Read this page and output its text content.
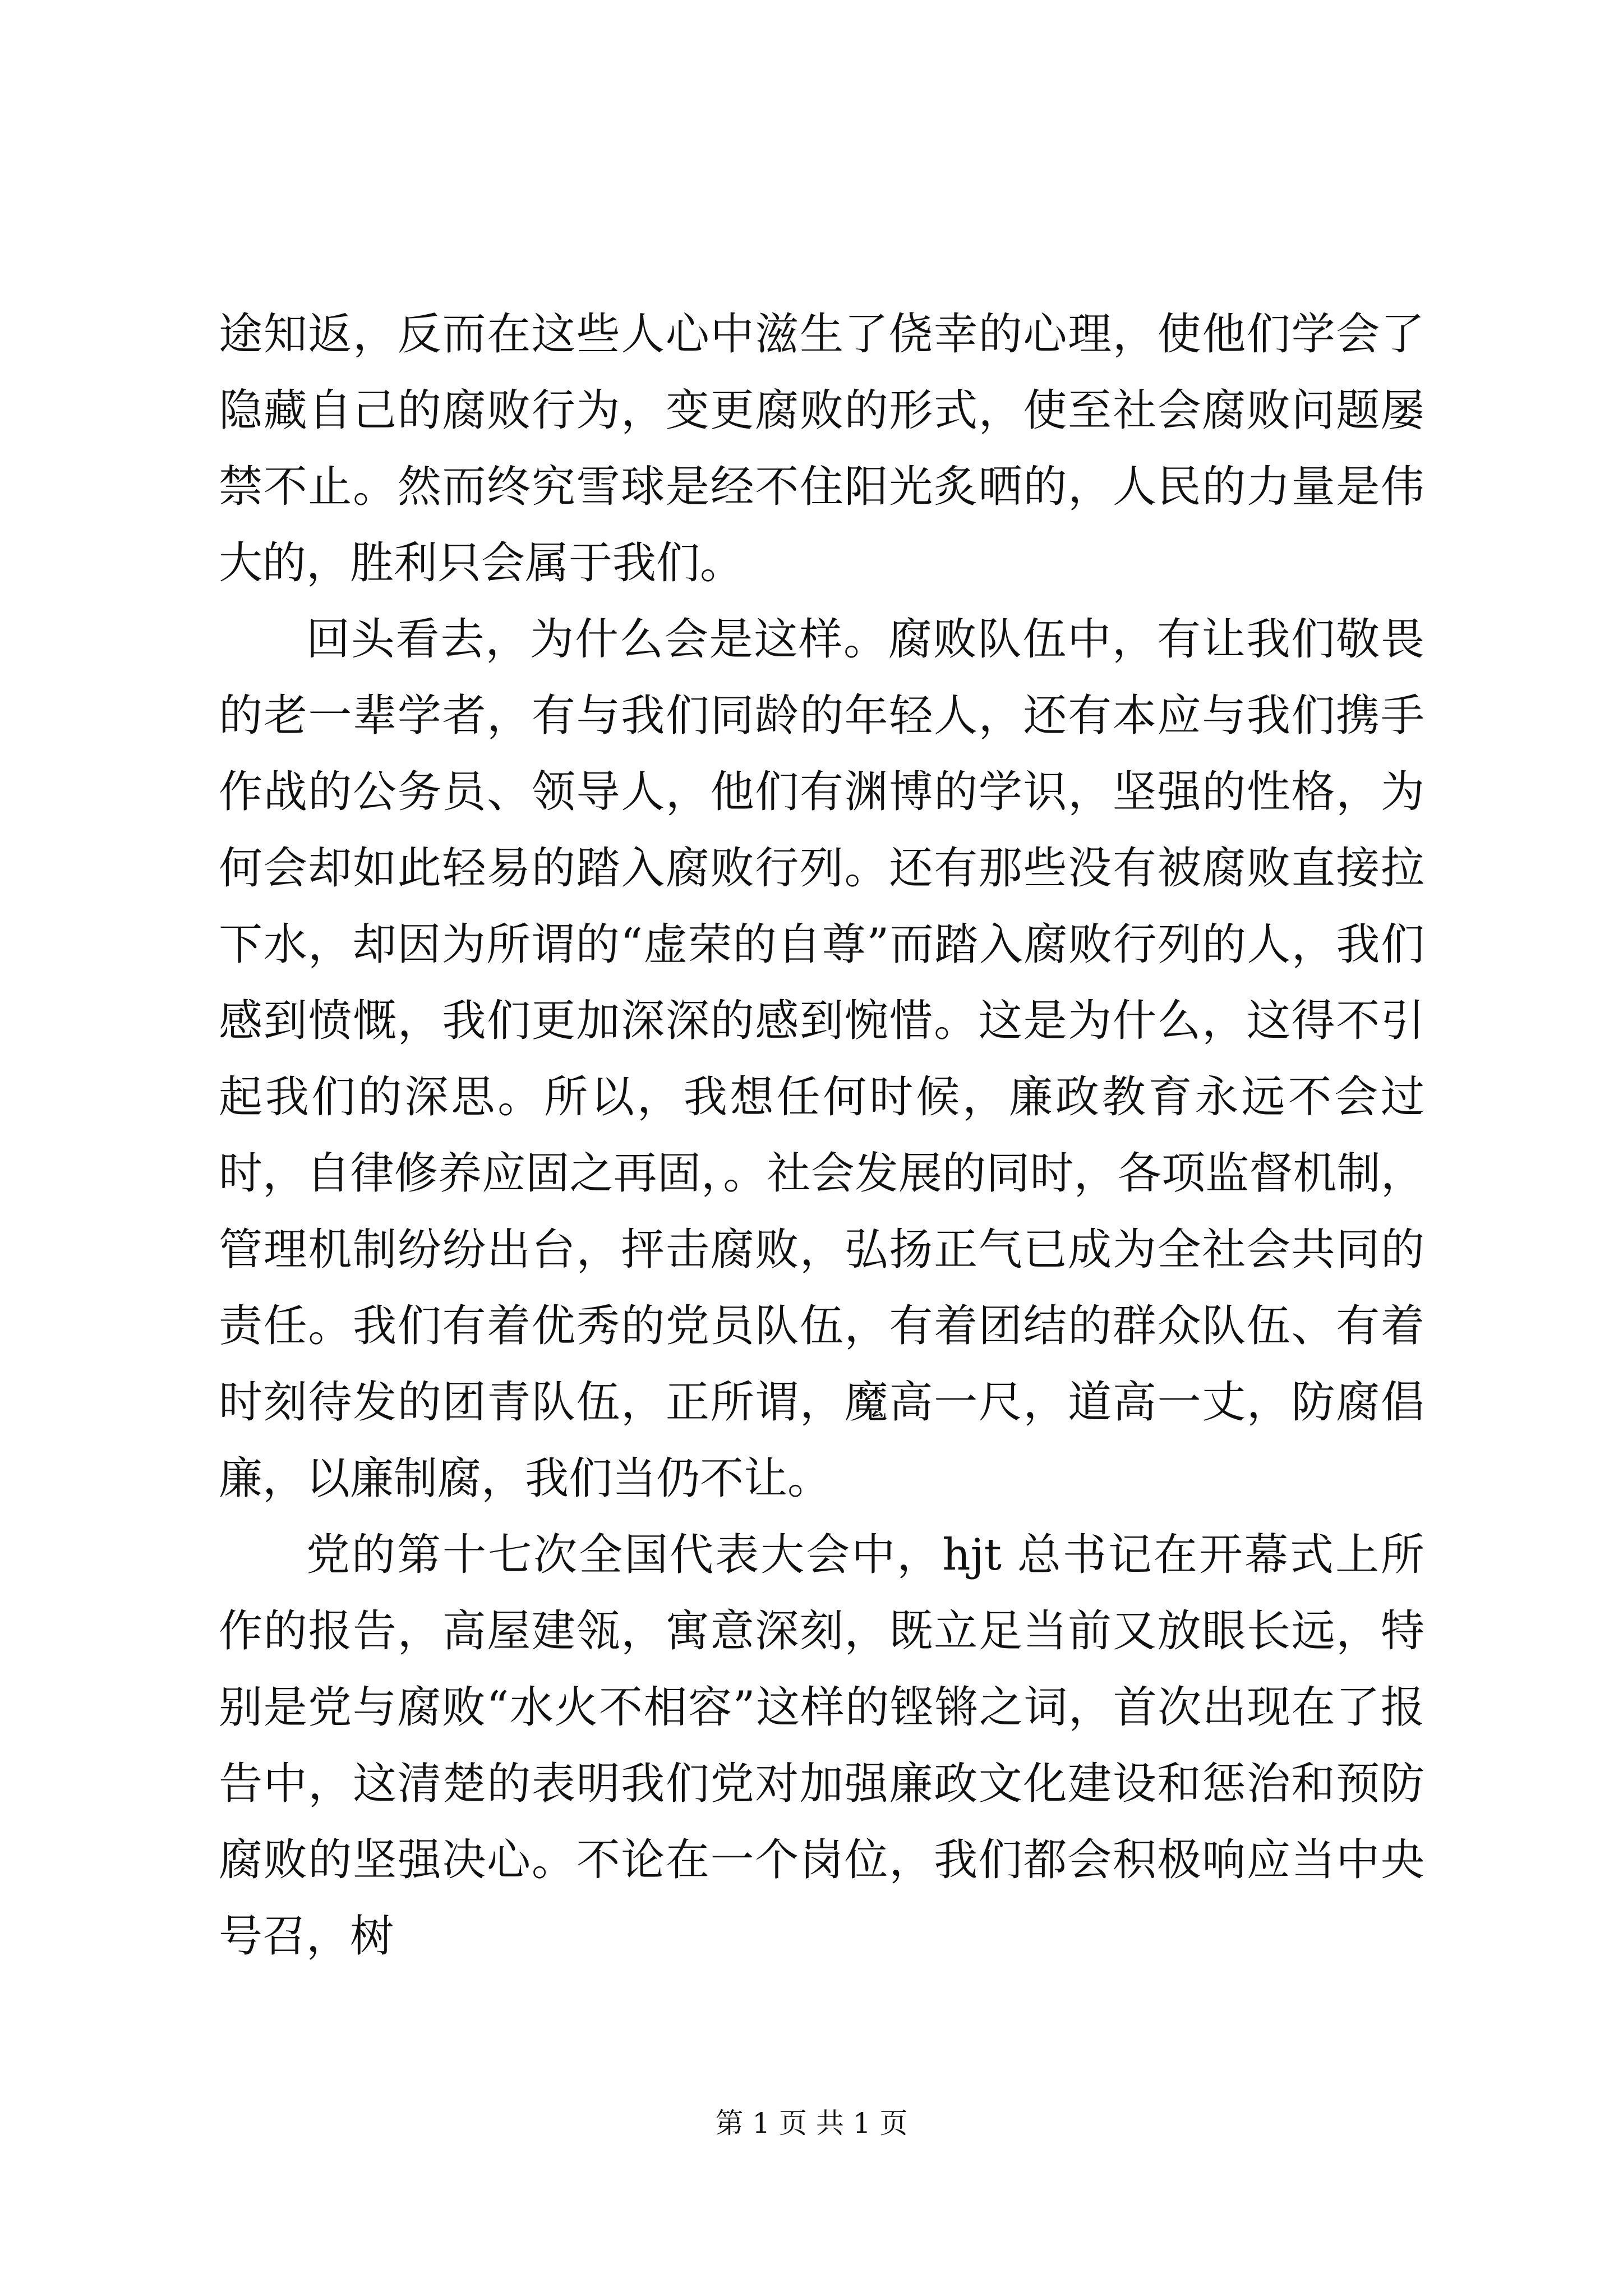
途知返，反而在这些人心中滋生了侥幸的心理，使他们学会了隐藏自己的腐败行为，变更腐败的形式，使至社会腐败问题屡禁不止。然而终究雪球是经不住阳光炙晒的，人民的力量是伟大的，胜利只会属于我们。

回头看去，为什么会是这样。腐败队伍中，有让我们敬畏的老一辈学者，有与我们同龄的年轻人，还有本应与我们携手作战的公务员、领导人，他们有渊博的学识，坚强的性格，为何会却如此轻易的踏入腐败行列。还有那些没有被腐败直接拉下水，却因为所谓的“虚荣的自尊”而踏入腐败行列的人，我们感到愤慨，我们更加深深的感到惋惜。这是为什么，这得不引起我们的深思。所以，我想任何时候，廉政教育永远不会过时，自律修养应固之再固，。社会发展的同时，各项监督机制，管理机制纷纷出台，抨击腐败，弘扬正气已成为全社会共同的责任。我们有着优秀的党员队伍，有着团结的群众队伍、有着时刻待发的团青队伍，正所谓，魔高一尺，道高一丈，防腐倡廉，以廉制腐，我们当仍不让。

党的第十七次全国代表大会中，hjt 总书记在开幕式上所作的报告，高屋建瓴，寓意深刻，既立足当前又放眼长远，特别是党与腐败“水火不相容”这样的铿锵之词，首次出现在了报告中，这清楚的表明我们党对加强廉政文化建设和惩治和预防腐败的坚强决心。不论在一个岗位，我们都会积极响应当中央号召，树

第 1 页 共 1 页
